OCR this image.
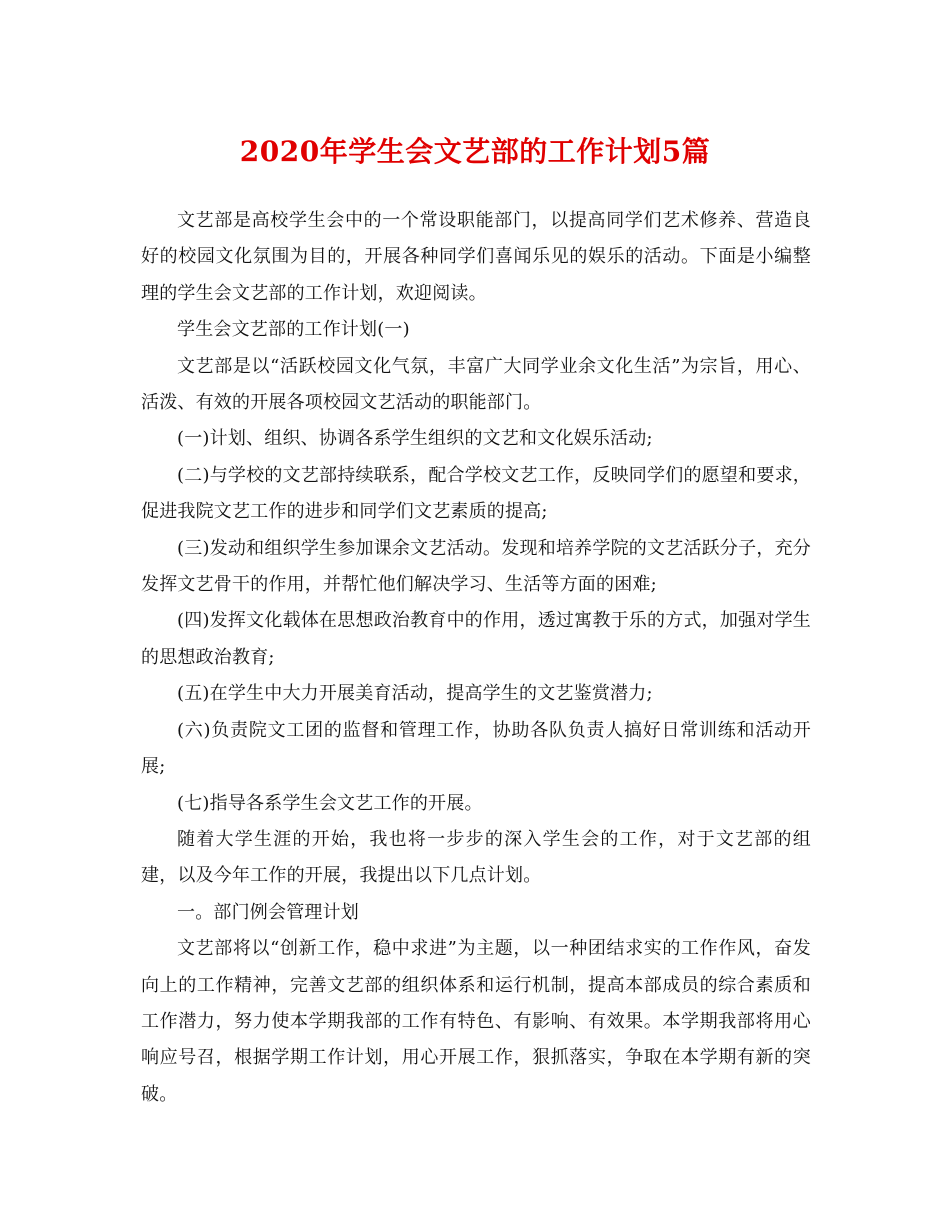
2020年学生会文艺部的工作计划5篇

文艺部是高校学生会中的一个常设职能部门，以提高同学们艺术修养、营造良好的校园文化氛围为目的，开展各种同学们喜闻乐见的娱乐的活动。下面是小编整理的学生会文艺部的工作计划，欢迎阅读。

学生会文艺部的工作计划(一)

文艺部是以“活跃校园文化气氛，丰富广大同学业余文化生活”为宗旨，用心、活泼、有效的开展各项校园文艺活动的职能部门。

(一)计划、组织、协调各系学生组织的文艺和文化娱乐活动;

(二)与学校的文艺部持续联系，配合学校文艺工作，反映同学们的愿望和要求，促进我院文艺工作的进步和同学们文艺素质的提高;

(三)发动和组织学生参加课余文艺活动。发现和培养学院的文艺活跃分子，充分发挥文艺骨干的作用，并帮忙他们解决学习、生活等方面的困难;

(四)发挥文化载体在思想政治教育中的作用，透过寓教于乐的方式，加强对学生的思想政治教育;

(五)在学生中大力开展美育活动，提高学生的文艺鉴赏潜力;

(六)负责院文工团的监督和管理工作，协助各队负责人搞好日常训练和活动开展;

(七)指导各系学生会文艺工作的开展。

随着大学生涯的开始，我也将一步步的深入学生会的工作，对于文艺部的组建，以及今年工作的开展，我提出以下几点计划。

一。部门例会管理计划

文艺部将以“创新工作，稳中求进”为主题，以一种团结求实的工作作风，奋发向上的工作精神，完善文艺部的组织体系和运行机制，提高本部成员的综合素质和工作潜力，努力使本学期我部的工作有特色、有影响、有效果。本学期我部将用心响应号召，根据学期工作计划，用心开展工作，狠抓落实，争取在本学期有新的突破。
